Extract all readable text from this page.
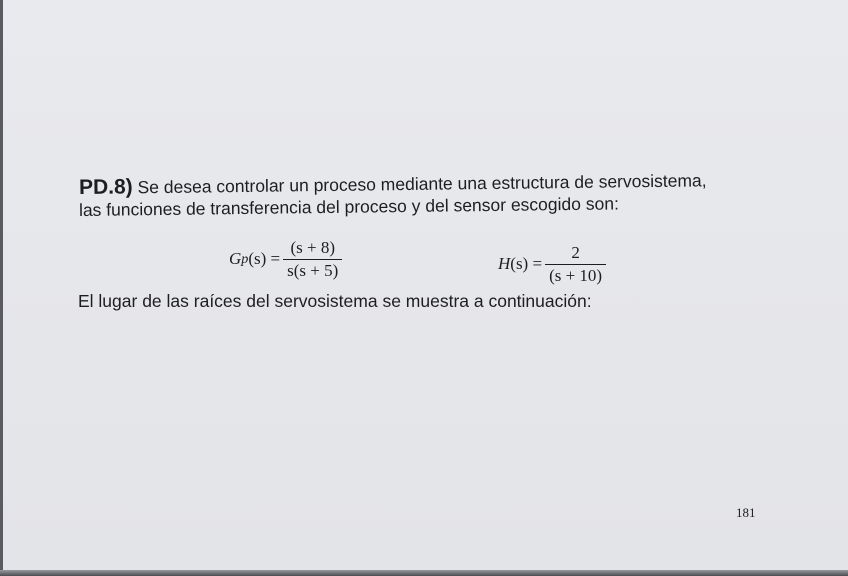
PD.8) Se desea controlar un proceso mediante una estructura de servosistema,
las funciones de transferencia del proceso y del sensor escogido son:
G p $(s) = \frac{(s + 8)}{s(s + 5)}$	H $(s) = \frac{2}{(s + 10)}$
El lugar de las raíces del servosistema se muestra a continuación:
181
